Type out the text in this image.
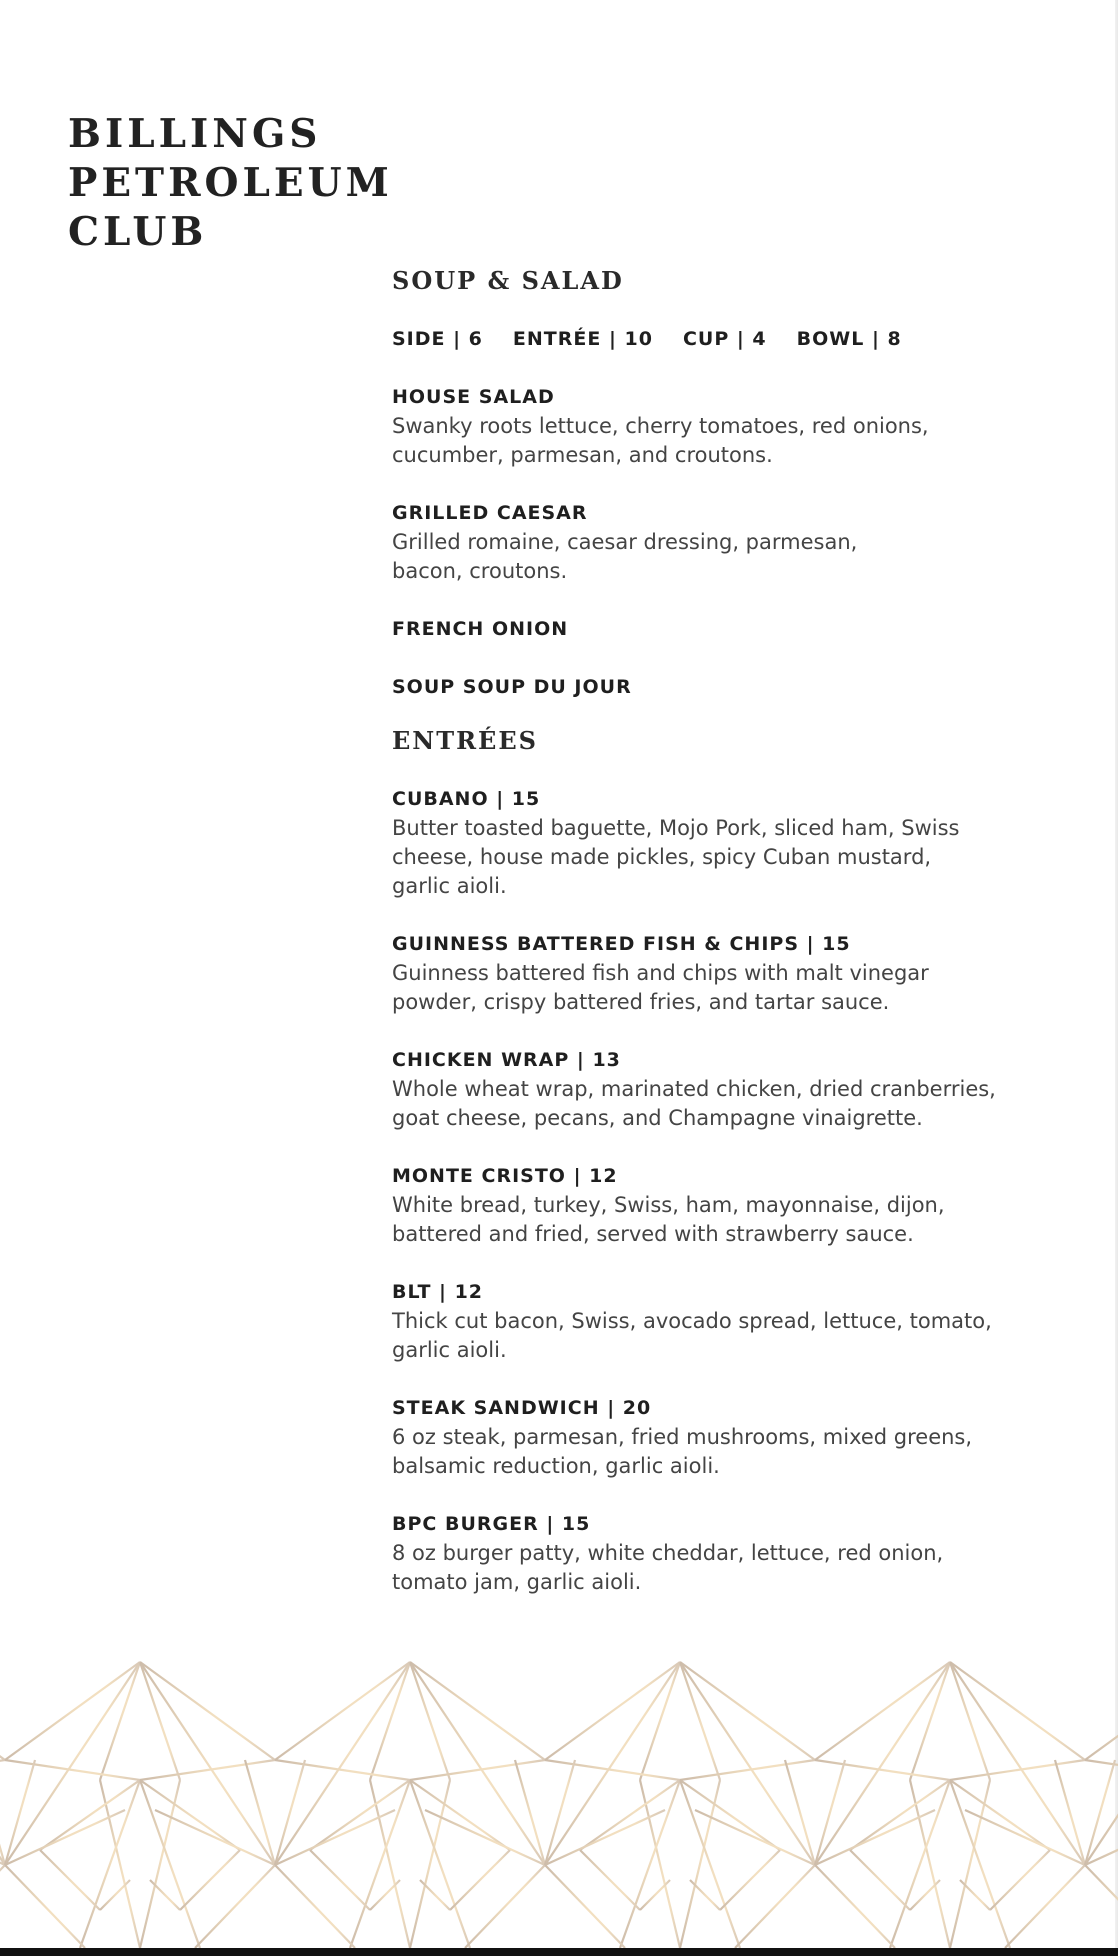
BILLINGS
PETROLEUM
CLUB
SOUP & SALAD
SIDE | 6 ENTRÉE | 10 CUP | 4 BOWL | 8
HOUSE SALAD
Swanky roots lettuce, cherry tomatoes, red onions,
cucumber, parmesan, and croutons.
GRILLED CAESAR
Grilled romaine, caesar dressing, parmesan,
bacon, croutons.
FRENCH ONION
SOUP SOUP DU JOUR
ENTRÉES
CUBANO | 15
Butter toasted baguette, Mojo Pork, sliced ham, Swiss
cheese, house made pickles, spicy Cuban mustard,
garlic aioli.
GUINNESS BATTERED FISH & CHIPS | 15
Guinness battered fish and chips with malt vinegar
powder, crispy battered fries, and tartar sauce.
CHICKEN WRAP | 13
Whole wheat wrap, marinated chicken, dried cranberries,
goat cheese, pecans, and Champagne vinaigrette.
MONTE CRISTO | 12
White bread, turkey, Swiss, ham, mayonnaise, dijon,
battered and fried, served with strawberry sauce.
BLT | 12
Thick cut bacon, Swiss, avocado spread, lettuce, tomato,
garlic aioli.
STEAK SANDWICH | 20
6 oz steak, parmesan, fried mushrooms, mixed greens,
balsamic reduction, garlic aioli.
BPC BURGER | 15
8 oz burger patty, white cheddar, lettuce, red onion,
tomato jam, garlic aioli.
